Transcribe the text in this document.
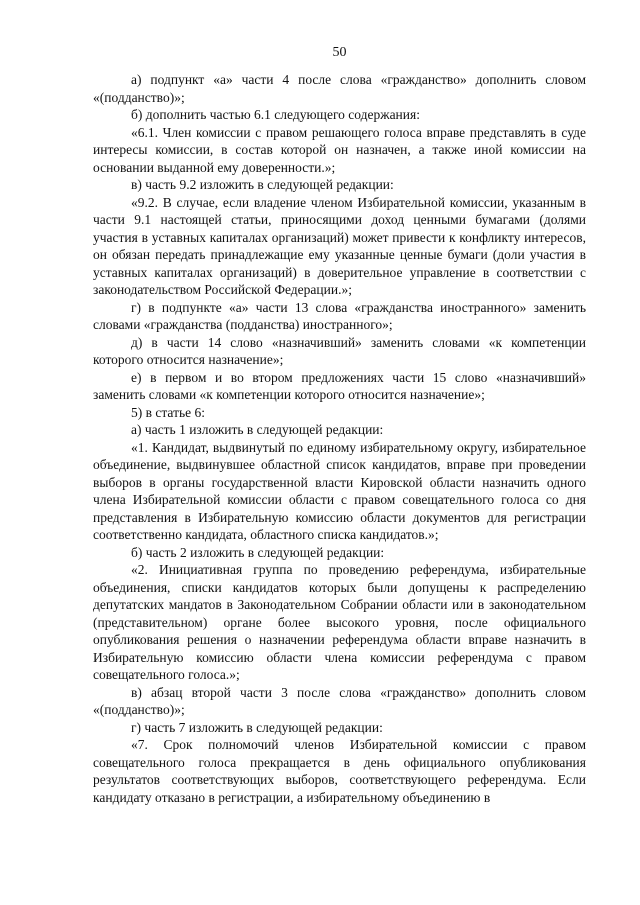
50

а) подпункт «а» части 4 после слова «гражданство» дополнить словом «(подданство)»;

б) дополнить частью 6.1 следующего содержания:

«6.1. Член комиссии с правом решающего голоса вправе представлять в суде интересы комиссии, в состав которой он назначен, а также иной комиссии на основании выданной ему доверенности.»;

в) часть 9.2 изложить в следующей редакции:

«9.2. В случае, если владение членом Избирательной комиссии, указанным в части 9.1 настоящей статьи, приносящими доход ценными бумагами (долями участия в уставных капиталах организаций) может привести к конфликту интересов, он обязан передать принадлежащие ему указанные ценные бумаги (доли участия в уставных капиталах организаций) в доверительное управление в соответствии с законодательством Российской Федерации.»;

г) в подпункте «а» части 13 слова «гражданства иностранного» заменить словами «гражданства (подданства) иностранного»;

д) в части 14 слово «назначивший» заменить словами «к компетенции которого относится назначение»;

е) в первом и во втором предложениях части 15 слово «назначивший» заменить словами «к компетенции которого относится назначение»;

5) в статье 6:

а) часть 1 изложить в следующей редакции:

«1. Кандидат, выдвинутый по единому избирательному округу, избирательное объединение, выдвинувшее областной список кандидатов, вправе при проведении выборов в органы государственной власти Кировской области назначить одного члена Избирательной комиссии области с правом совещательного голоса со дня представления в Избирательную комиссию области документов для регистрации соответственно кандидата, областного списка кандидатов.»;

б) часть 2 изложить в следующей редакции:

«2. Инициативная группа по проведению референдума, избирательные объединения, списки кандидатов которых были допущены к распределению депутатских мандатов в Законодательном Собрании области или в законодательном (представительном) органе более высокого уровня, после официального опубликования решения о назначении референдума области вправе назначить в Избирательную комиссию области члена комиссии референдума с правом совещательного голоса.»;

в) абзац второй части 3 после слова «гражданство» дополнить словом «(подданство)»;

г) часть 7 изложить в следующей редакции:

«7. Срок полномочий членов Избирательной комиссии с правом совещательного голоса прекращается в день официального опубликования результатов соответствующих выборов, соответствующего референдума. Если кандидату отказано в регистрации, а избирательному объединению в
